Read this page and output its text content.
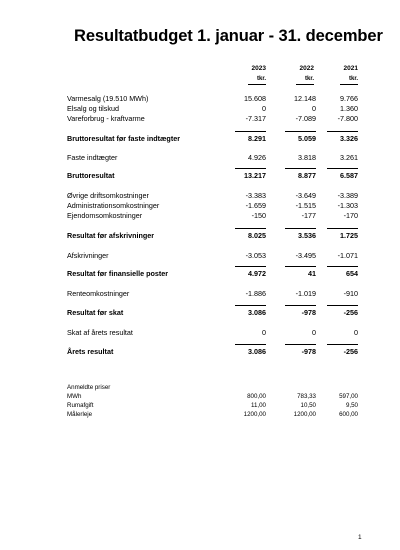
Resultatbudget 1. januar - 31. december
2023	2022	2021
tkr.	tkr.	tkr.
Varmesalg (19.510 MWh)	15.608	12.148	9.766
Elsalg og tilskud	0	0	1.360
Vareforbrug - kraftvarme	-7.317	-7.089	-7.800
Bruttoresultat før faste indtægter	8.291	5.059	3.326
Faste indtægter	4.926	3.818	3.261
Bruttoresultat	13.217	8.877	6.587
Øvrige driftsomkostninger	-3.383	-3.649	-3.389
Administrationsomkostninger	-1.659	-1.515	-1.303
Ejendomsomkostninger	-150	-177	-170
Resultat før afskrivninger	8.025	3.536	1.725
Afskrivninger	-3.053	-3.495	-1.071
Resultat før finansielle poster	4.972	41	654
Renteomkostninger	-1.886	-1.019	-910
Resultat før skat	3.086	-978	-256
Skat af årets resultat	0	0	0
Årets resultat	3.086	-978	-256
Anmeldte priser
MWh	800,00	783,33	597,00
Rumafgift	11,00	10,50	9,50
Målerleje	1200,00	1200,00	600,00
1
